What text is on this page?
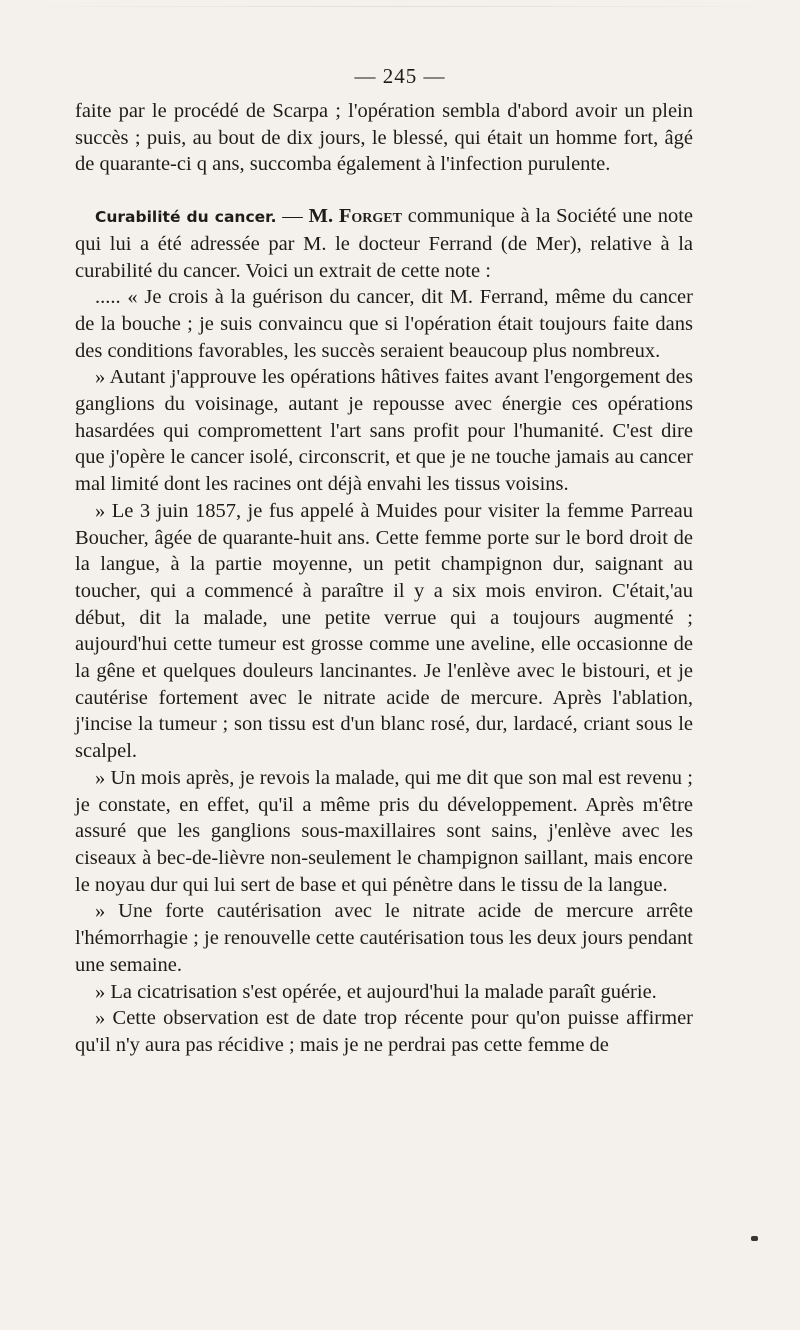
— 245 —

faite par le procédé de Scarpa ; l'opération sembla d'abord avoir un plein succès ; puis, au bout de dix jours, le blessé, qui était un homme fort, âgé de quarante-ci q ans, succomba également à l'infection purulente.

Curabilité du cancer. — M. Forget communique à la Société une note qui lui a été adressée par M. le docteur Ferrand (de Mer), relative à la curabilité du cancer. Voici un extrait de cette note :

..... « Je crois à la guérison du cancer, dit M. Ferrand, même du cancer de la bouche ; je suis convaincu que si l'opération était toujours faite dans des conditions favorables, les succès seraient beaucoup plus nombreux.

» Autant j'approuve les opérations hâtives faites avant l'engorgement des ganglions du voisinage, autant je repousse avec énergie ces opérations hasardées qui compromettent l'art sans profit pour l'humanité. C'est dire que j'opère le cancer isolé, circonscrit, et que je ne touche jamais au cancer mal limité dont les racines ont déjà envahi les tissus voisins.

» Le 3 juin 1857, je fus appelé à Muides pour visiter la femme Parreau Boucher, âgée de quarante-huit ans. Cette femme porte sur le bord droit de la langue, à la partie moyenne, un petit champignon dur, saignant au toucher, qui a commencé à paraître il y a six mois environ. C'était,'au début, dit la malade, une petite verrue qui a toujours augmenté ; aujourd'hui cette tumeur est grosse comme une aveline, elle occasionne de la gêne et quelques douleurs lancinantes. Je l'enlève avec le bistouri, et je cautérise fortement avec le nitrate acide de mercure. Après l'ablation, j'incise la tumeur ; son tissu est d'un blanc rosé, dur, lardacé, criant sous le scalpel.

» Un mois après, je revois la malade, qui me dit que son mal est revenu ; je constate, en effet, qu'il a même pris du développement. Après m'être assuré que les ganglions sous-maxillaires sont sains, j'enlève avec les ciseaux à bec-de-lièvre non-seulement le champignon saillant, mais encore le noyau dur qui lui sert de base et qui pénètre dans le tissu de la langue.

» Une forte cautérisation avec le nitrate acide de mercure arrête l'hémorrhagie ; je renouvelle cette cautérisation tous les deux jours pendant une semaine.

» La cicatrisation s'est opérée, et aujourd'hui la malade paraît guérie.

» Cette observation est de date trop récente pour qu'on puisse affirmer qu'il n'y aura pas récidive ; mais je ne perdrai pas cette femme de
